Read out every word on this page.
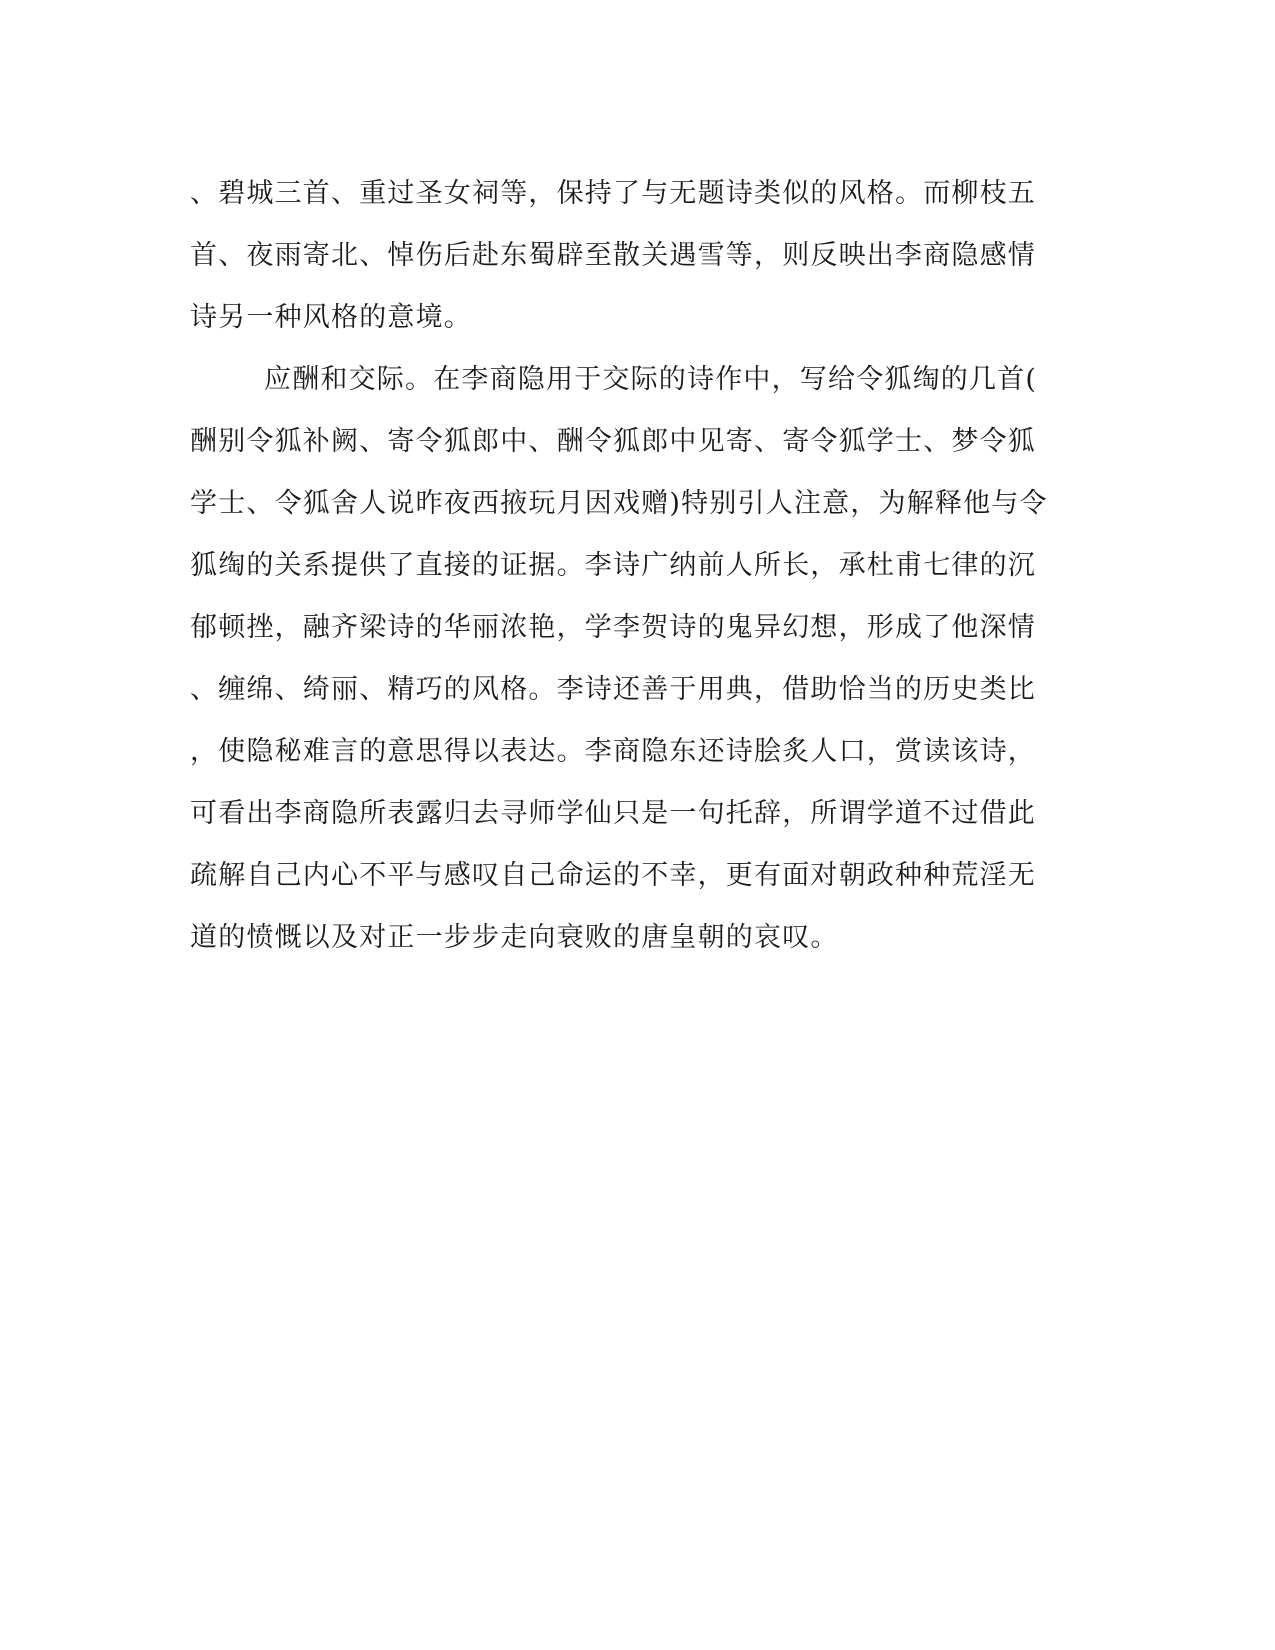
、碧城三首、重过圣女祠等，保持了与无题诗类似的风格。而柳枝五
首、夜雨寄北、悼伤后赴东蜀辟至散关遇雪等，则反映出李商隐感情
诗另一种风格的意境。
应酬和交际。在李商隐用于交际的诗作中，写给令狐绹的几首(
酬别令狐补阙、寄令狐郎中、酬令狐郎中见寄、寄令狐学士、梦令狐
学士、令狐舍人说昨夜西掖玩月因戏赠)特别引人注意，为解释他与令
狐绹的关系提供了直接的证据。李诗广纳前人所长，承杜甫七律的沉
郁顿挫，融齐梁诗的华丽浓艳，学李贺诗的鬼异幻想，形成了他深情
、缠绵、绮丽、精巧的风格。李诗还善于用典，借助恰当的历史类比
，使隐秘难言的意思得以表达。李商隐东还诗脍炙人口，赏读该诗，
可看出李商隐所表露归去寻师学仙只是一句托辞，所谓学道不过借此
疏解自己内心不平与感叹自己命运的不幸，更有面对朝政种种荒淫无
道的愤慨以及对正一步步走向衰败的唐皇朝的哀叹。
